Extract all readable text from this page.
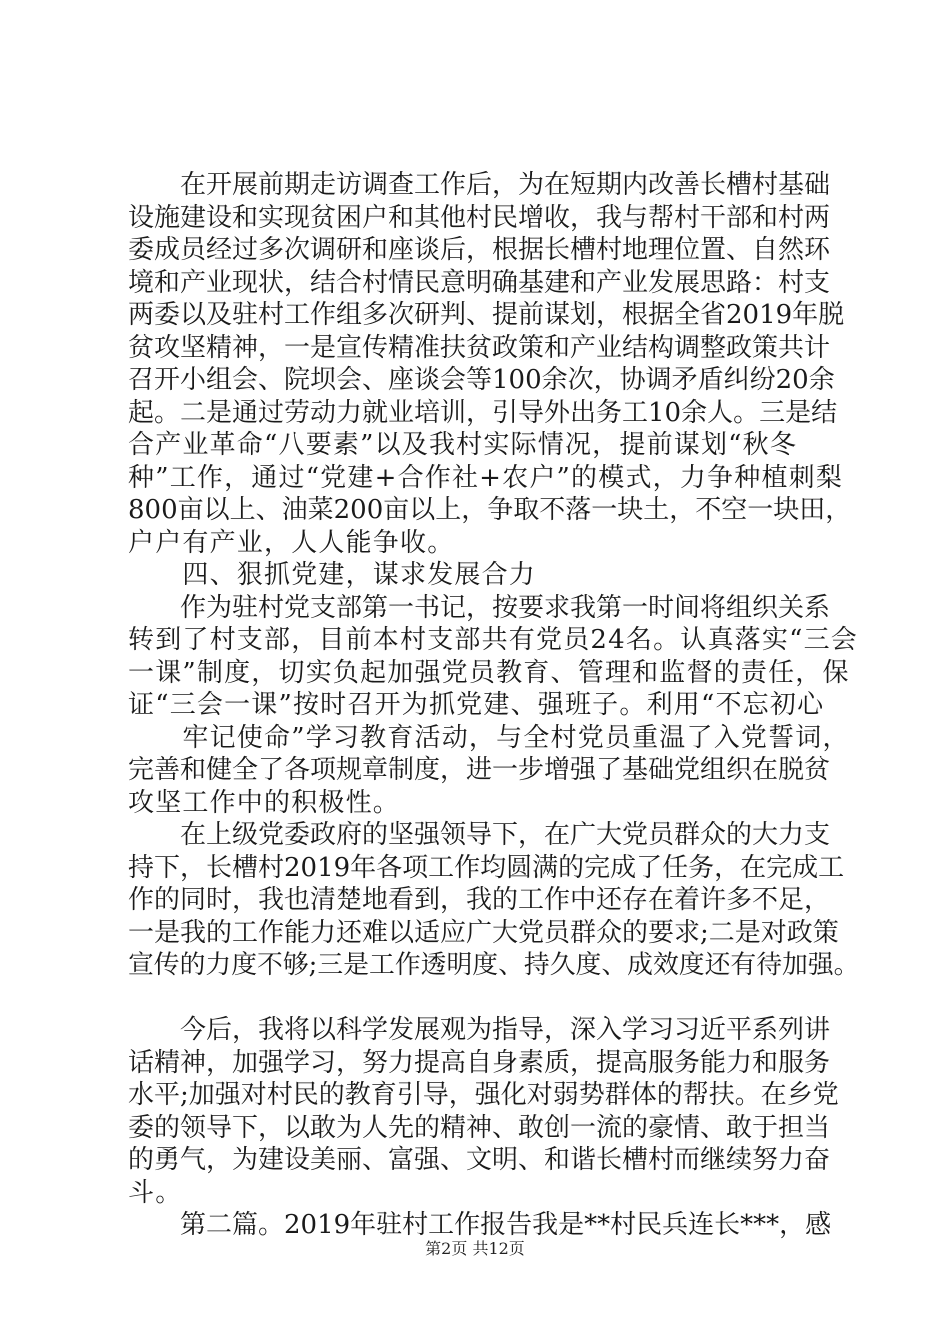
　　在开展前期走访调查工作后，为在短期内改善长槽村基础
设施建设和实现贫困户和其他村民增收，我与帮村干部和村两
委成员经过多次调研和座谈后，根据长槽村地理位置、自然环
境和产业现状，结合村情民意明确基建和产业发展思路：村支
两委以及驻村工作组多次研判、提前谋划，根据全省2019年脱
贫攻坚精神，一是宣传精准扶贫政策和产业结构调整政策共计
召开小组会、院坝会、座谈会等100余次，协调矛盾纠纷20余
起。二是通过劳动力就业培训，引导外出务工10余人。三是结
合产业革命“八要素”以及我村实际情况，提前谋划“秋冬
种”工作，通过“党建+合作社+农户”的模式，力争种植刺梨
800亩以上、油菜200亩以上，争取不落一块土，不空一块田，
户户有产业，人人能争收。
　　四、狠抓党建，谋求发展合力
　　作为驻村党支部第一书记，按要求我第一时间将组织关系
转到了村支部，目前本村支部共有党员24名。认真落实“三会
一课”制度，切实负起加强党员教育、管理和监督的责任，保
证“三会一课”按时召开为抓党建、强班子。利用“不忘初心
　　牢记使命”学习教育活动，与全村党员重温了入党誓词，
完善和健全了各项规章制度，进一步增强了基础党组织在脱贫
攻坚工作中的积极性。
　　在上级党委政府的坚强领导下，在广大党员群众的大力支
持下，长槽村2019年各项工作均圆满的完成了任务，在完成工
作的同时，我也清楚地看到，我的工作中还存在着许多不足，
一是我的工作能力还难以适应广大党员群众的要求;二是对政策
宣传的力度不够;三是工作透明度、持久度、成效度还有待加强。
　　今后，我将以科学发展观为指导，深入学习习近平系列讲
话精神，加强学习，努力提高自身素质，提高服务能力和服务
水平;加强对村民的教育引导，强化对弱势群体的帮扶。在乡党
委的领导下，以敢为人先的精神、敢创一流的豪情、敢于担当
的勇气，为建设美丽、富强、文明、和谐长槽村而继续努力奋
斗。
　　第二篇。2019年驻村工作报告我是**村民兵连长***，感
第2页 共12页
